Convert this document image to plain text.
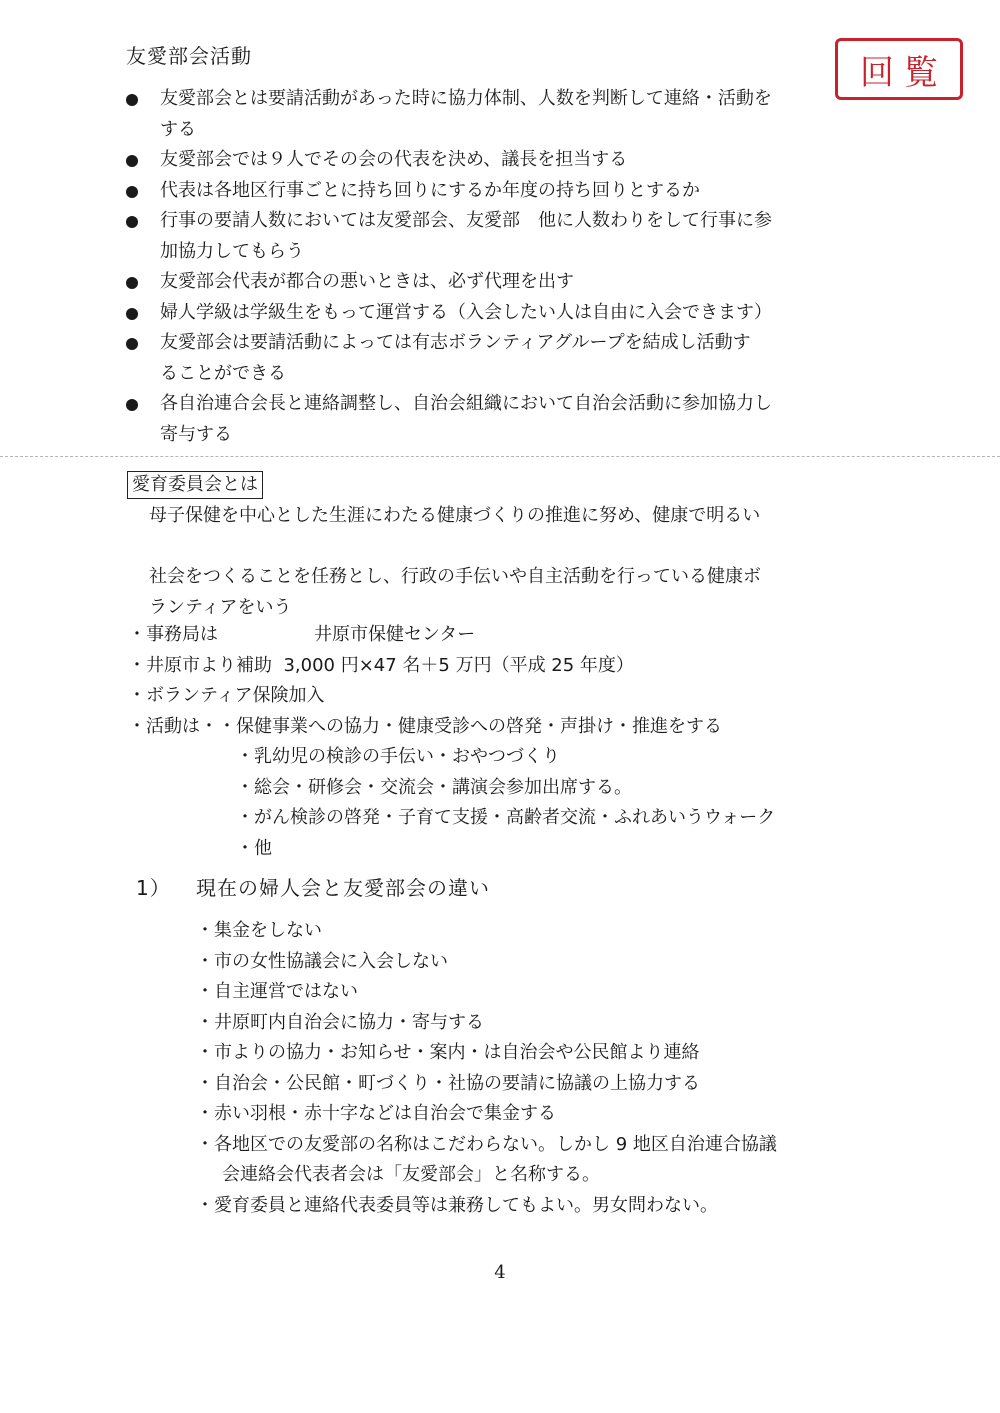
友愛部会活動	回覧
友愛部会とは要請活動があった時に協力体制、人数を判断して連絡・活動を
する
友愛部会では９人でその会の代表を決め、議長を担当する
代表は各地区行事ごとに持ち回りにするか年度の持ち回りとするか
行事の要請人数においては友愛部会、友愛部　他に人数わりをして行事に参
加協力してもらう
友愛部会代表が都合の悪いときは、必ず代理を出す
婦人学級は学級生をもって運営する（入会したい人は自由に入会できます）
友愛部会は要請活動によっては有志ボランティアグループを結成し活動す
ることができる
各自治連合会長と連絡調整し、自治会組織において自治会活動に参加協力し
寄与する
愛育委員会とは

母子保健を中心とした生涯にわたる健康づくりの推進に努め、健康で明るい

社会をつくることを任務とし、行政の手伝いや自主活動を行っている健康ボ
ランティアをいう

・事務局は	井原市保健センター
・井原市より補助 3,000 円×47 名＋5 万円（平成 25 年度）
・ボランティア保険加入
・活動は・・保健事業への協力・健康受診への啓発・声掛け・推進をする
・乳幼児の検診の手伝い・おやつづくり
・総会・研修会・交流会・講演会参加出席する。
・がん検診の啓発・子育て支援・高齢者交流・ふれあいうウォーク
・他
1） 現在の婦人会と友愛部会の違い
・集金をしない
・市の女性協議会に入会しない
・自主運営ではない
・井原町内自治会に協力・寄与する
・市よりの協力・お知らせ・案内・は自治会や公民館より連絡
・自治会・公民館・町づくり・社協の要請に協議の上協力する
・赤い羽根・赤十字などは自治会で集金する
・各地区での友愛部の名称はこだわらない。しかし 9 地区自治連合協議
会連絡会代表者会は「友愛部会」と名称する。
・愛育委員と連絡代表委員等は兼務してもよい。男女問わない。
4
